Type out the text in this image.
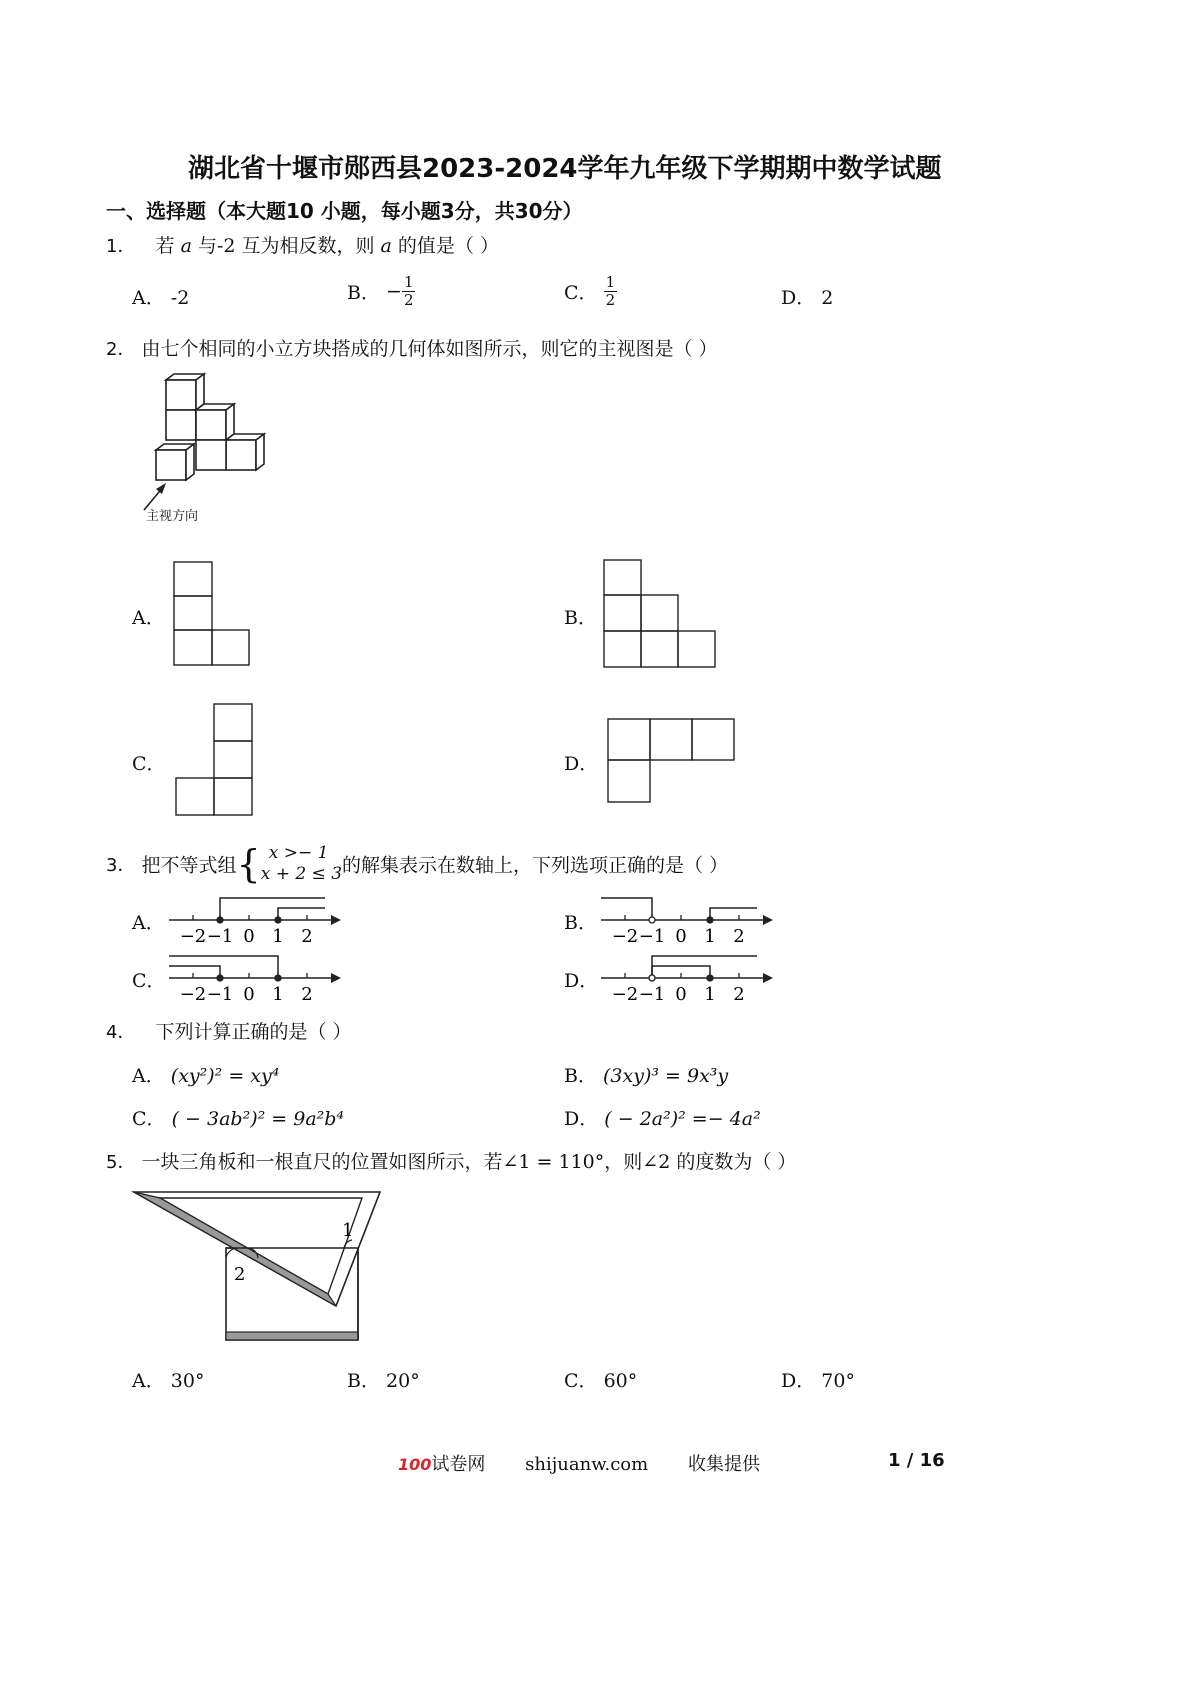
湖北省十堰市郧西县2023-2024学年九年级下学期期中数学试题
一、选择题（本大题10 小题，每小题3分，共30分）
1． 若 a 与-2 互为相反数，则 a 的值是（ ）
A． -2	B． − $\frac{1}{2}$	C． $\frac{1}{2}$	D． 2
2． 由七个相同的小立方块搭成的几何体如图所示，则它的主视图是（ ）
主视方向
A．	B．
C．	D．
3． 把不等式组{ x >− 1
x + 2 ≤ 3 的解集表示在数轴上，下列选项正确的是（ ）
A．
−2 −1 0 1 2
B．
−2 −1 0 1 2
C．
−2 −1 0 1 2
D．
−2 −1 0 1 2
4． 下列计算正确的是（ ）
A． (xy²)² = xy⁴	B． (3xy)³ = 9x³y
C． ( − 3ab²)² = 9a²b⁴	D． ( − 2a²)² =− 4a²
5． 一块三角板和一根直尺的位置如图所示，若∠1 = 110°，则∠2 的度数为（ ）
1
2
A． 30°	B． 20°	C． 60°	D． 70°
100试卷网 shijuanw.com 收集提供	1 / 16
